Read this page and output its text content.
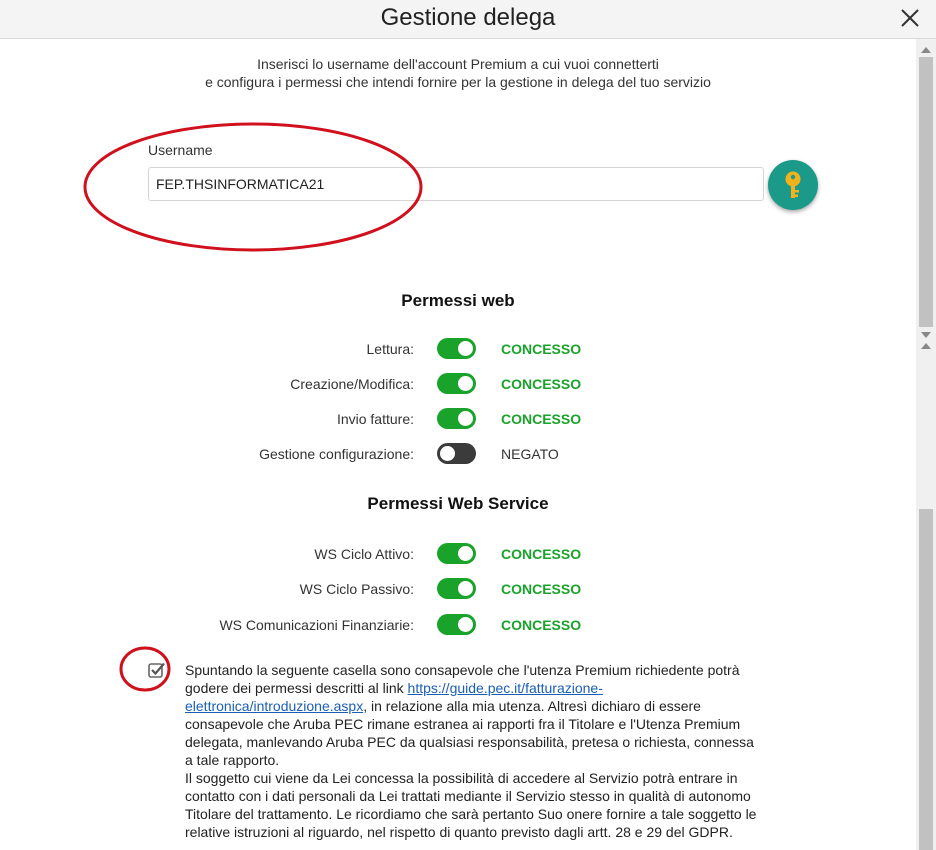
Gestione delega
Inserisci lo username dell'account Premium a cui vuoi connetterti
e configura i permessi che intendi fornire per la gestione in delega del tuo servizio
Username
FEP.THSINFORMATICA21
Permessi web
Lettura:	CONCESSO
Creazione/Modifica:	CONCESSO
Invio fatture:	CONCESSO
Gestione configurazione:	NEGATO
Permessi Web Service
WS Ciclo Attivo:	CONCESSO
WS Ciclo Passivo:	CONCESSO
WS Comunicazioni Finanziarie:	CONCESSO
Spuntando la seguente casella sono consapevole che l'utenza Premium richiedente potrà godere dei permessi descritti al link https://guide.pec.it/fatturazione-elettronica/introduzione.aspx, in relazione alla mia utenza. Altresì dichiaro di essere consapevole che Aruba PEC rimane estranea ai rapporti fra il Titolare e l'Utenza Premium delegata, manlevando Aruba PEC da qualsiasi responsabilità, pretesa o richiesta, connessa a tale rapporto.
Il soggetto cui viene da Lei concessa la possibilità di accedere al Servizio potrà entrare in contatto con i dati personali da Lei trattati mediante il Servizio stesso in qualità di autonomo Titolare del trattamento. Le ricordiamo che sarà pertanto Suo onere fornire a tale soggetto le relative istruzioni al riguardo, nel rispetto di quanto previsto dagli artt. 28 e 29 del GDPR.
